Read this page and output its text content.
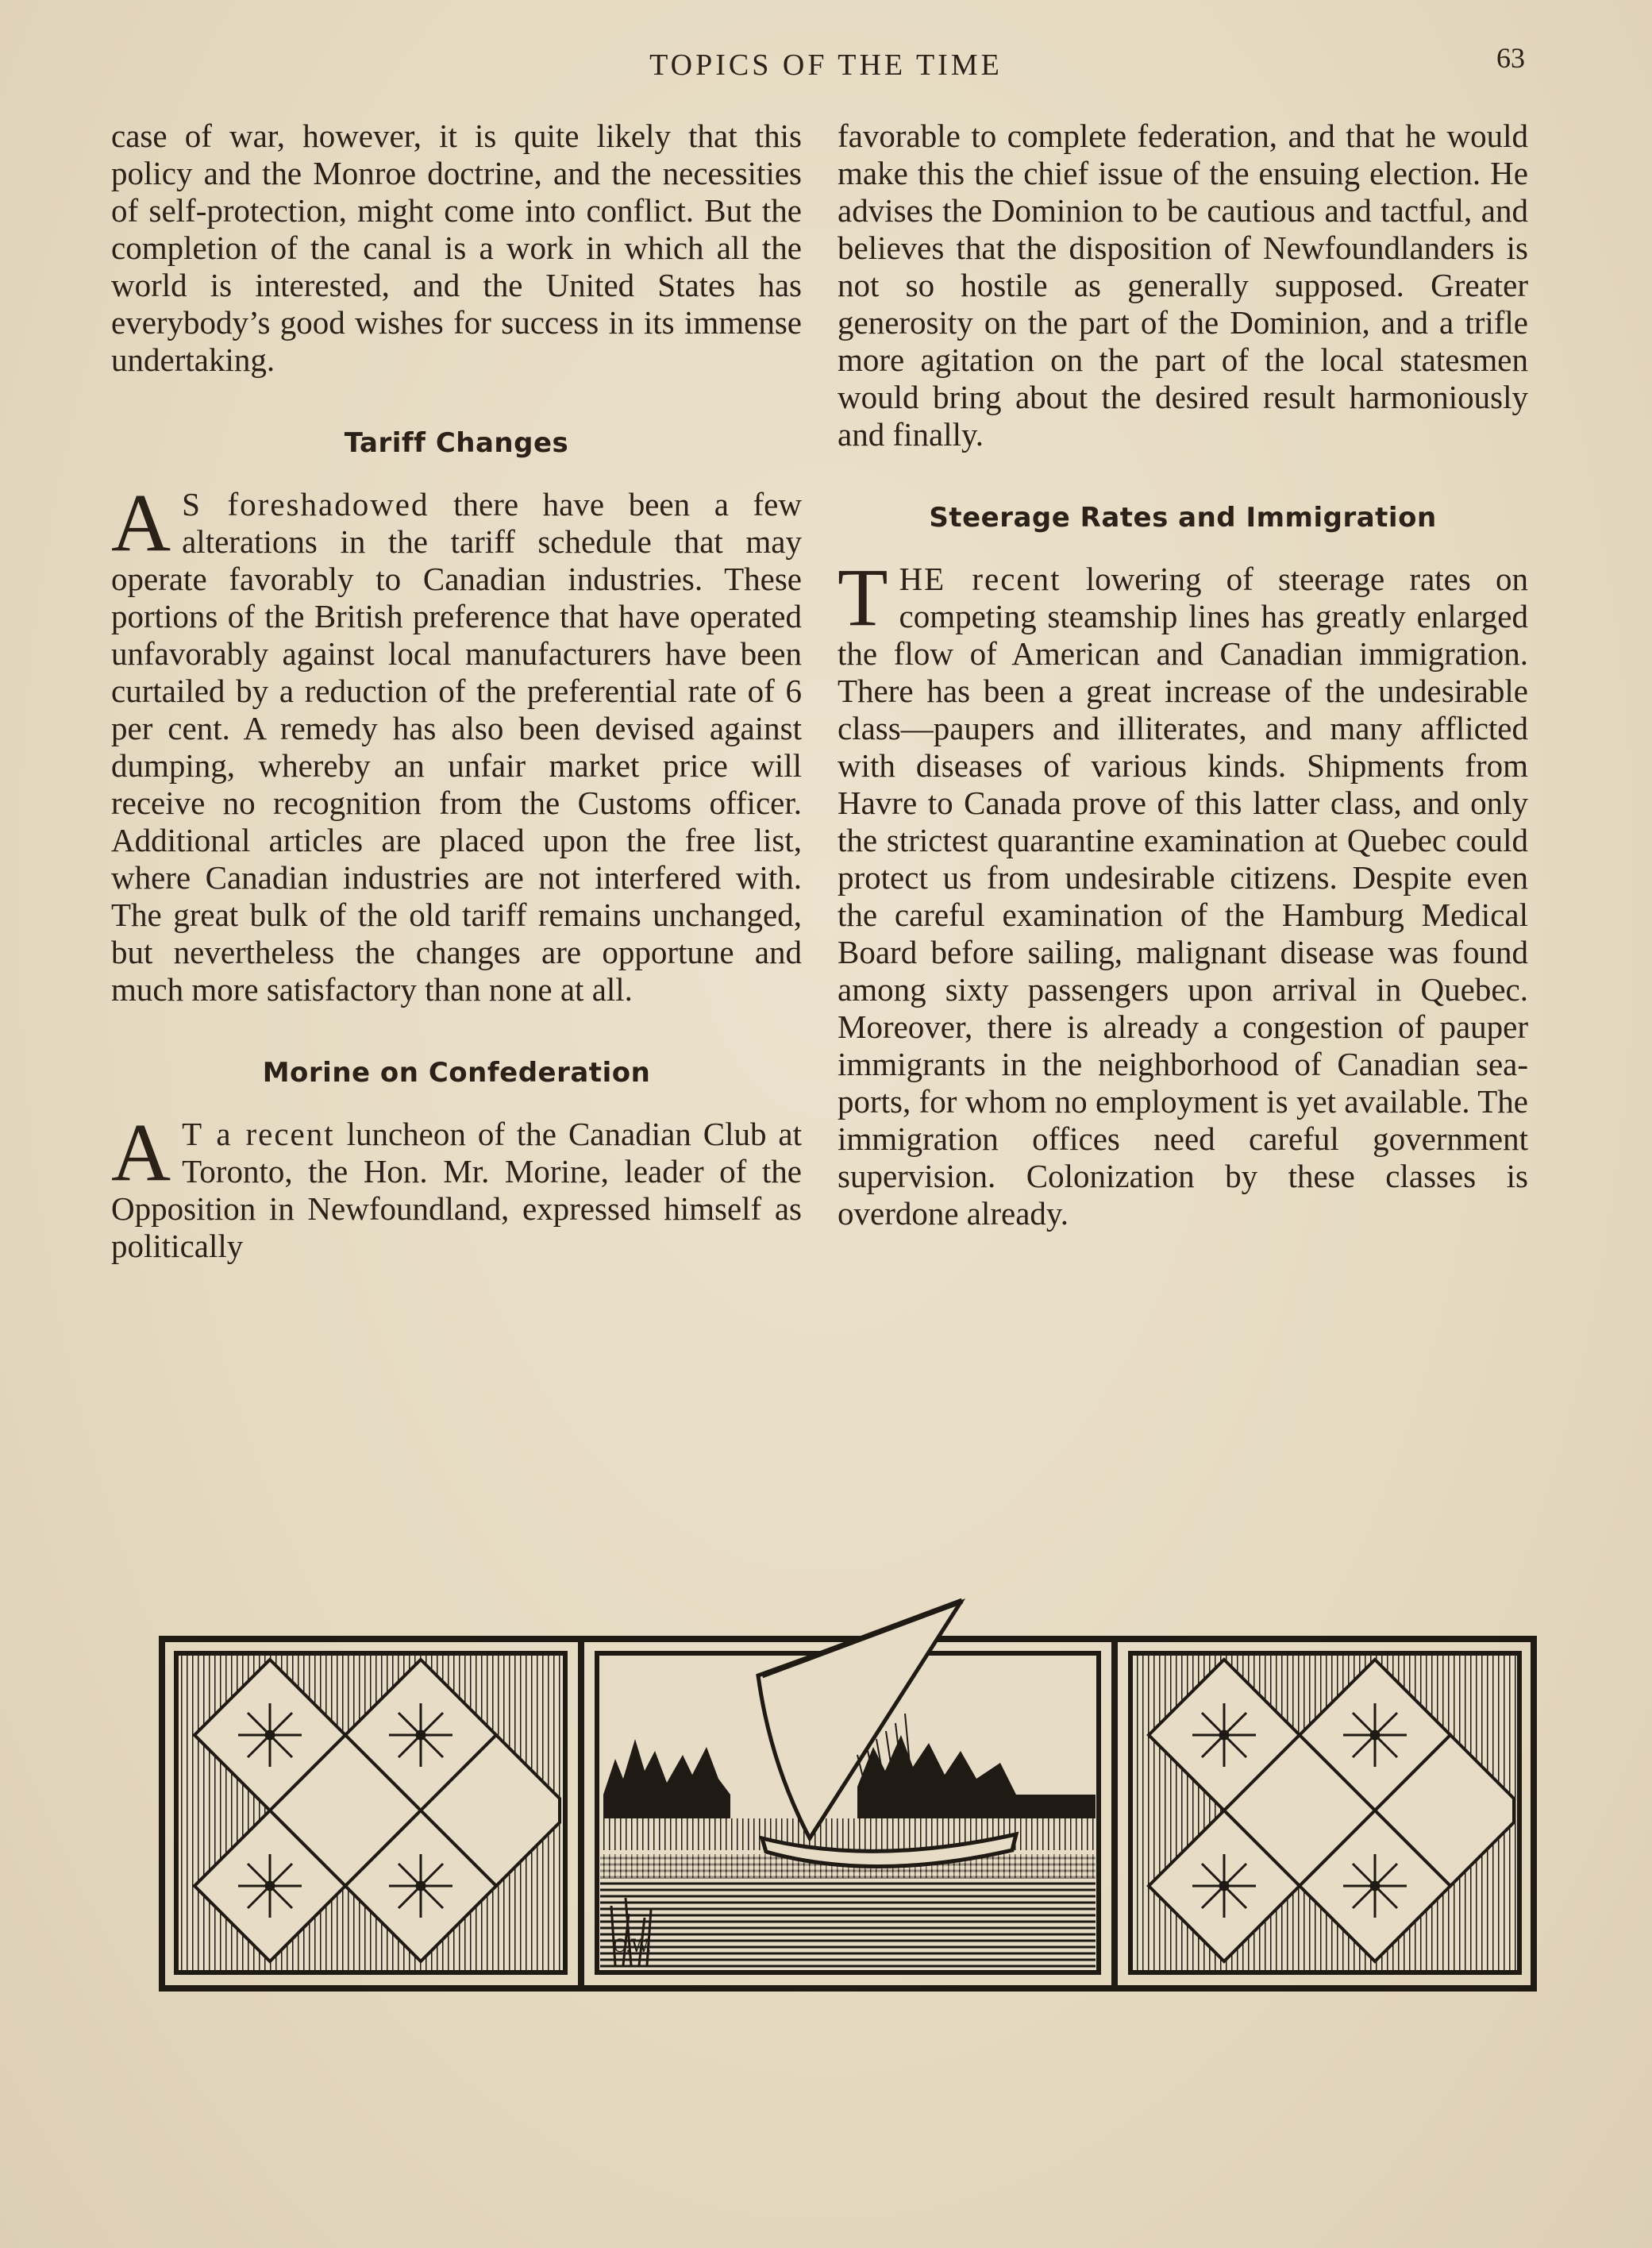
TOPICS OF THE TIME	63

case of war, however, it is quite likely that this policy and the Monroe doctrine, and the necessities of self-protection, might come into conflict. But the completion of the canal is a work in which all the world is interested, and the United States has everybody’s good wishes for success in its immense undertaking.

Tariff Changes

A S foreshadowed there have been a few alterations in the tariff schedule that may operate favorably to Canadian industries. These portions of the British preference that have operated unfavorably against local manufacturers have been curtailed by a reduction of the preferential rate of 6 per cent. A remedy has also been devised against dumping, whereby an unfair market price will receive no recognition from the Customs officer. Additional articles are placed upon the free list, where Canadian industries are not interfered with. The great bulk of the old tariff remains unchanged, but nevertheless the changes are opportune and much more satisfactory than none at all.

Morine on Confederation

A T a recent luncheon of the Canadian Club at Toronto, the Hon. Mr. Morine, leader of the Opposition in Newfoundland, expressed himself as politically

favorable to complete federation, and that he would make this the chief issue of the ensuing election. He advises the Dominion to be cautious and tactful, and believes that the disposition of Newfoundlanders is not so hostile as generally supposed. Greater generosity on the part of the Dominion, and a trifle more agitation on the part of the local statesmen would bring about the desired result harmoniously and finally.

Steerage Rates and Immigration

THE recent lowering of steerage rates on competing steamship lines has greatly enlarged the flow of American and Canadian immigration. There has been a great increase of the undesirable class—paupers and illiterates, and many afflicted with diseases of various kinds. Shipments from Havre to Canada prove of this latter class, and only the strictest quarantine examination at Quebec could protect us from undesirable citizens. Despite even the careful examination of the Hamburg Medical Board before sailing, malignant disease was found among sixty passengers upon arrival in Quebec. Moreover, there is already a congestion of pauper immigrants in the neighborhood of Canadian sea-ports, for whom no employment is yet available. The immigration offices need careful government supervision. Colonization by these classes is overdone already.

C.W.
